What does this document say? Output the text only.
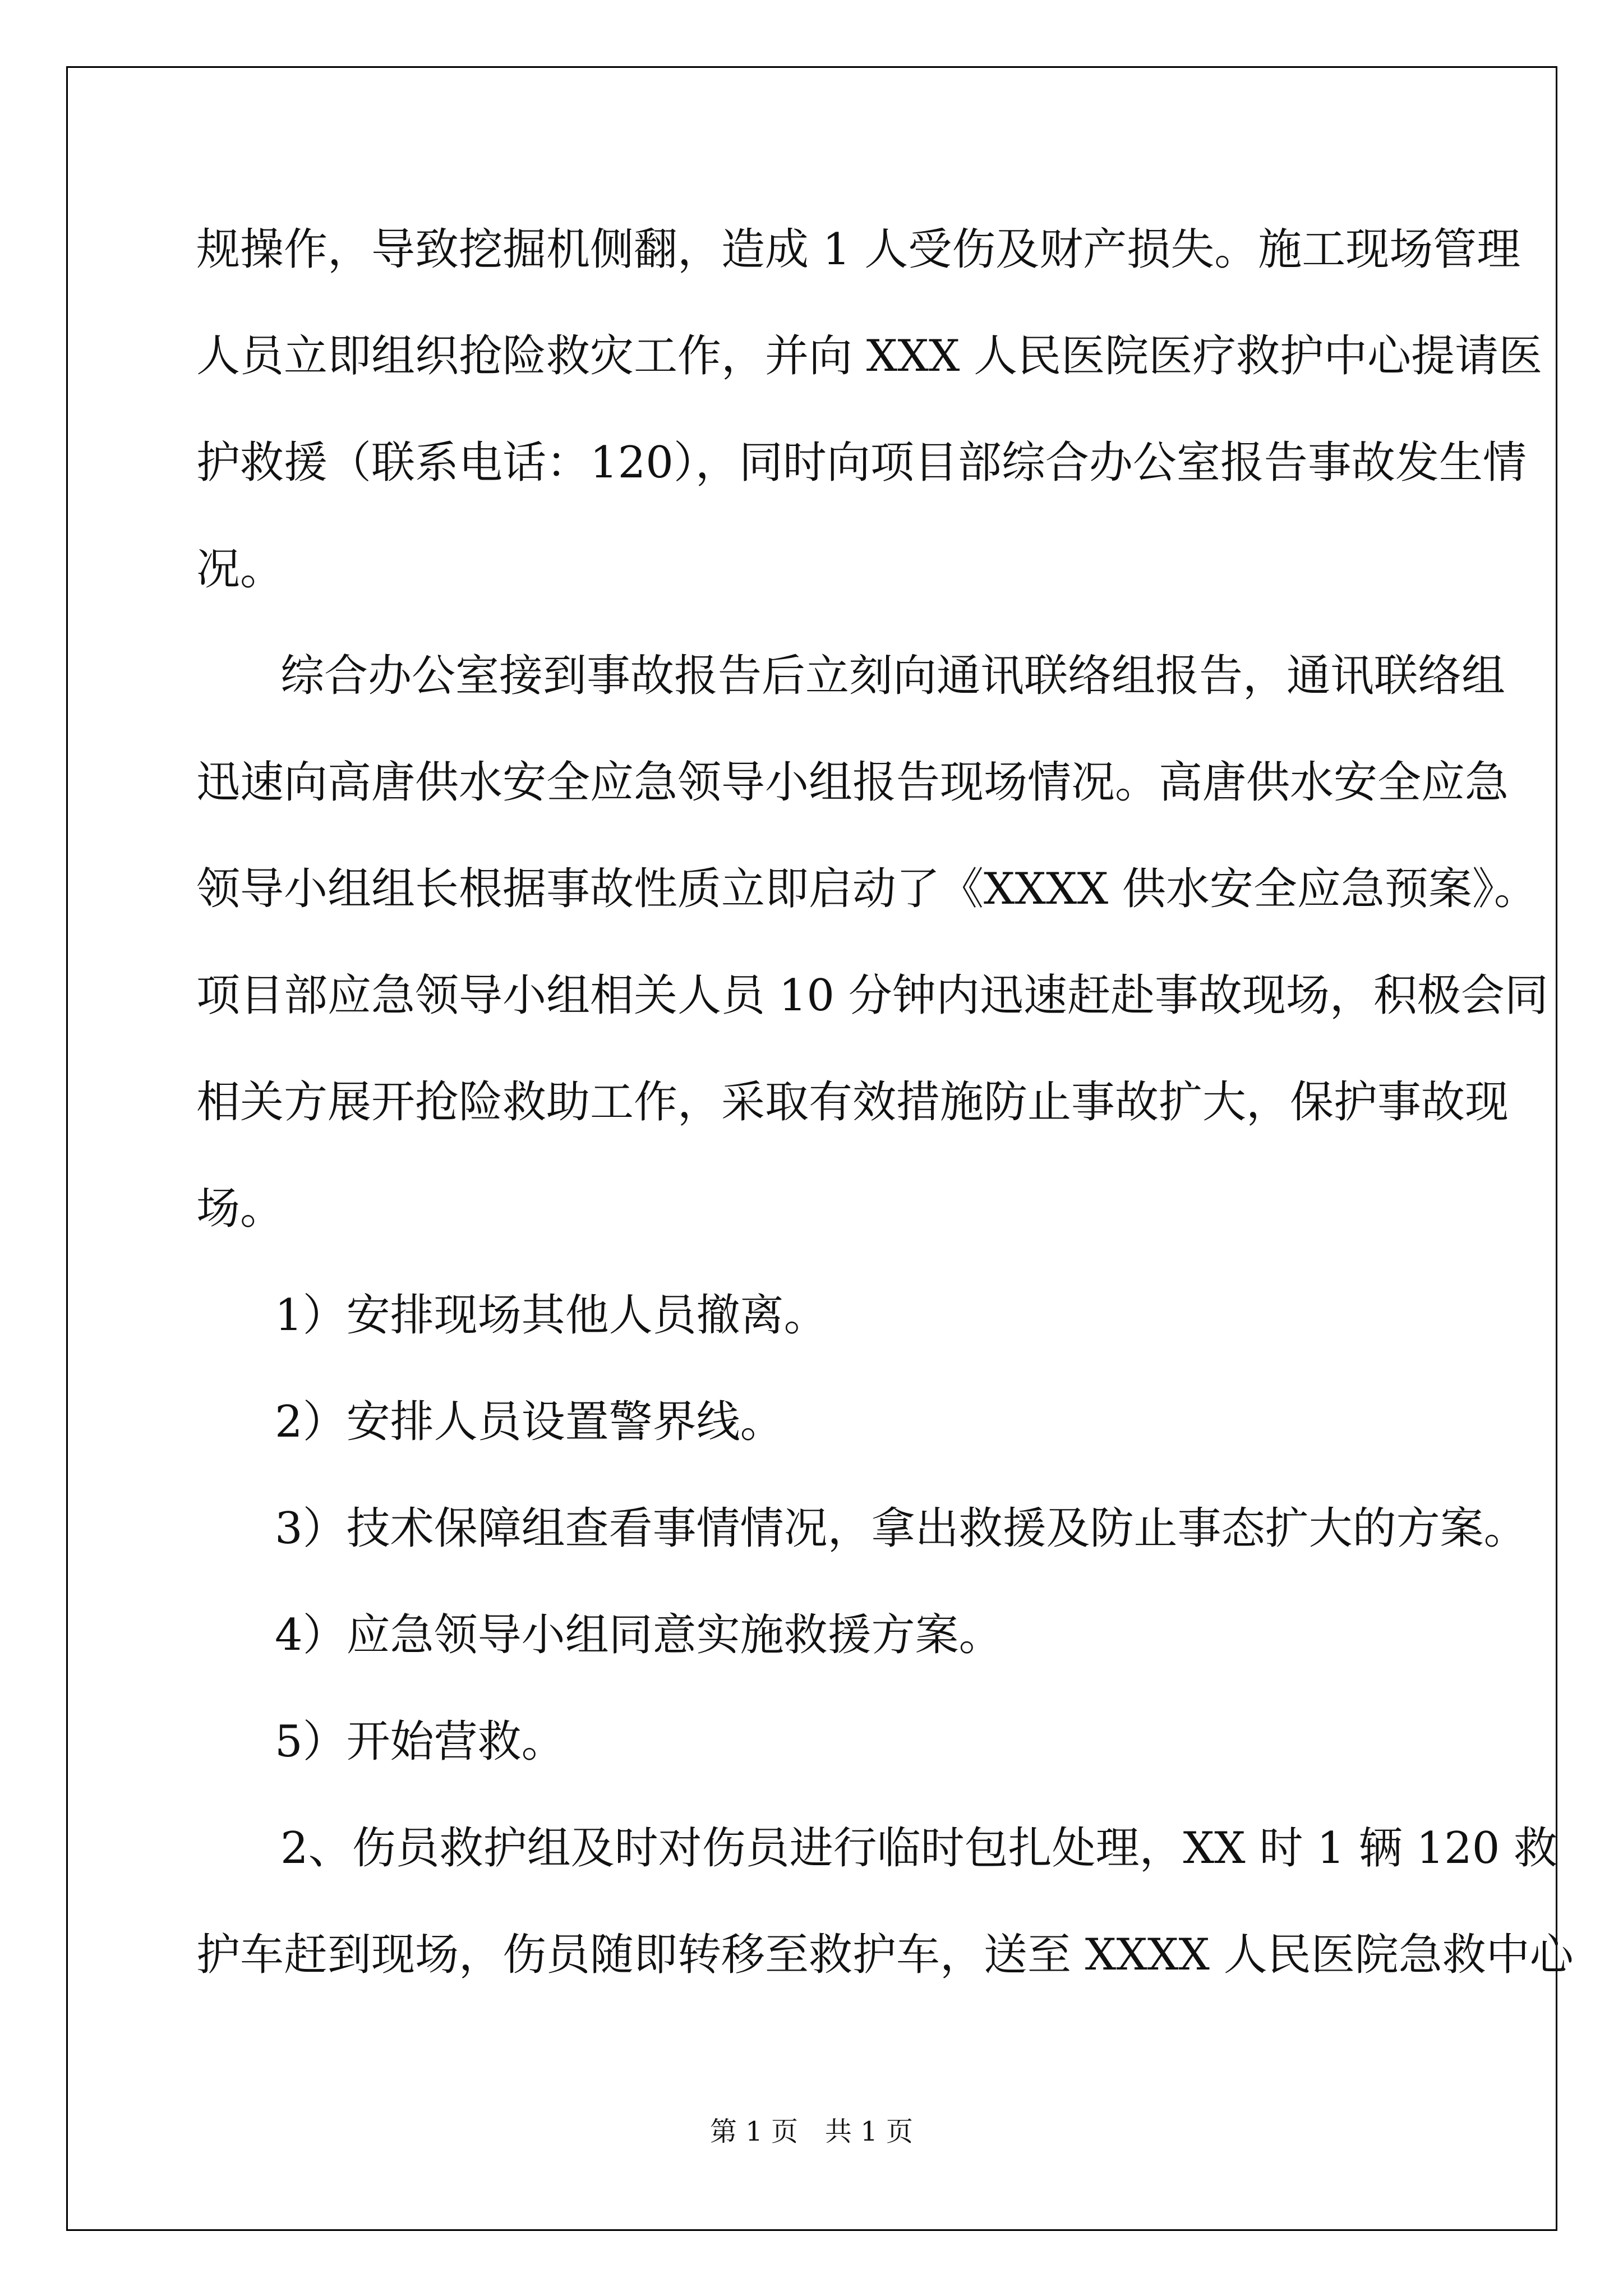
规操作，导致挖掘机侧翻，造成 1 人受伤及财产损失。施工现场管理
人员立即组织抢险救灾工作，并向 XXX 人民医院医疗救护中心提请医
护救援（联系电话：120），同时向项目部综合办公室报告事故发生情
况。
综合办公室接到事故报告后立刻向通讯联络组报告，通讯联络组
迅速向高唐供水安全应急领导小组报告现场情况。高唐供水安全应急
领导小组组长根据事故性质立即启动了《XXXX 供水安全应急预案》。
项目部应急领导小组相关人员 10 分钟内迅速赶赴事故现场，积极会同
相关方展开抢险救助工作，采取有效措施防止事故扩大，保护事故现
场。
1）安排现场其他人员撤离。
2）安排人员设置警界线。
3）技术保障组查看事情情况，拿出救援及防止事态扩大的方案。
4）应急领导小组同意实施救援方案。
5）开始营救。
2、伤员救护组及时对伤员进行临时包扎处理，XX 时 1 辆 120 救
护车赶到现场，伤员随即转移至救护车，送至 XXXX 人民医院急救中心
第 1 页　共 1 页
